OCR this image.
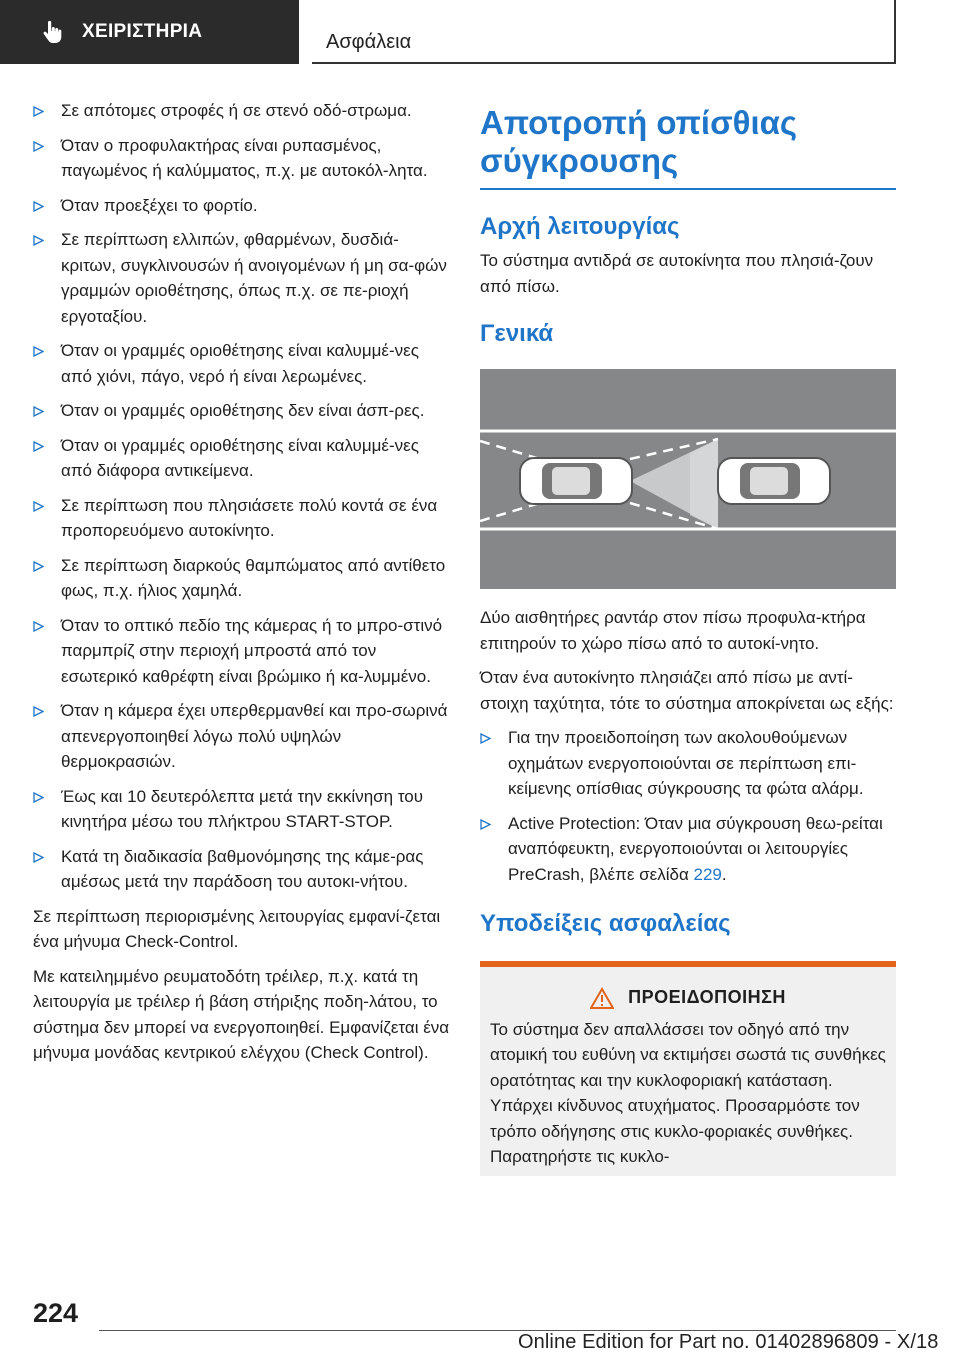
ΧΕΙΡΙΣΤΗΡΙΑ	Ασφάλεια
Σε απότομες στροφές ή σε στενό οδό-στρωμα.
Όταν ο προφυλακτήρας είναι ρυπασμένος, παγωμένος ή καλύμματος, π.χ. με αυτοκόλ-λητα.
Όταν προεξέχει το φορτίο.
Σε περίπτωση ελλιπών, φθαρμένων, δυσδιά-κριτων, συγκλινουσών ή ανοιγομένων ή μη σα-φών γραμμών οριοθέτησης, όπως π.χ. σε πε-ριοχή εργοταξίου.
Όταν οι γραμμές οριοθέτησης είναι καλυμμέ-νες από χιόνι, πάγο, νερό ή είναι λερωμένες.
Όταν οι γραμμές οριοθέτησης δεν είναι άσπ-ρες.
Όταν οι γραμμές οριοθέτησης είναι καλυμμέ-νες από διάφορα αντικείμενα.
Σε περίπτωση που πλησιάσετε πολύ κοντά σε ένα προπορευόμενο αυτοκίνητο.
Σε περίπτωση διαρκούς θαμπώματος από αντίθετο φως, π.χ. ήλιος χαμηλά.
Όταν το οπτικό πεδίο της κάμερας ή το μπρο-στινό παρμπρίζ στην περιοχή μπροστά από τον εσωτερικό καθρέφτη είναι βρώμικο ή κα-λυμμένο.
Όταν η κάμερα έχει υπερθερμανθεί και προ-σωρινά απενεργοποιηθεί λόγω πολύ υψηλών θερμοκρασιών.
Έως και 10 δευτερόλεπτα μετά την εκκίνηση του κινητήρα μέσω του πλήκτρου START-STOP.
Κατά τη διαδικασία βαθμονόμησης της κάμε-ρας αμέσως μετά την παράδοση του αυτοκι-νήτου.

Σε περίπτωση περιορισμένης λειτουργίας εμφανί-ζεται ένα μήνυμα Check-Control.

Με κατειλημμένο ρευματοδότη τρέιλερ, π.χ. κατά τη λειτουργία με τρέιλερ ή βάση στήριξης ποδη-λάτου, το σύστημα δεν μπορεί να ενεργοποιηθεί. Εμφανίζεται ένα μήνυμα μονάδας κεντρικού ελέγχου (Check Control).

Αποτροπή οπίσθιας σύγκρουσης
Αρχή λειτουργίας

Το σύστημα αντιδρά σε αυτοκίνητα που πλησιά-ζουν από πίσω.

Γενικά

Δύο αισθητήρες ραντάρ στον πίσω προφυλα-κτήρα επιτηρούν το χώρο πίσω από το αυτοκί-νητο.

Όταν ένα αυτοκίνητο πλησιάζει από πίσω με αντί-στοιχη ταχύτητα, τότε το σύστημα αποκρίνεται ως εξής:

Για την προειδοποίηση των ακολουθούμενων οχημάτων ενεργοποιούνται σε περίπτωση επι-κείμενης οπίσθιας σύγκρουσης τα φώτα αλάρμ.
Active Protection: Όταν μια σύγκρουση θεω-ρείται αναπόφευκτη, ενεργοποιούνται οι λειτουργίες PreCrash, βλέπε σελίδα 229.
Υποδείξεις ασφαλείας
ΠΡΟΕΙΔΟΠΟΙΗΣΗ

Το σύστημα δεν απαλλάσσει τον οδηγό από την ατομική του ευθύνη να εκτιμήσει σωστά τις συνθήκες ορατότητας και την κυκλοφοριακή κατάσταση. Υπάρχει κίνδυνος ατυχήματος. Προσαρμόστε τον τρόπο οδήγησης στις κυκλο-φοριακές συνθήκες. Παρατηρήστε τις κυκλο-

224
Online Edition for Part no. 01402896809 - X/18
